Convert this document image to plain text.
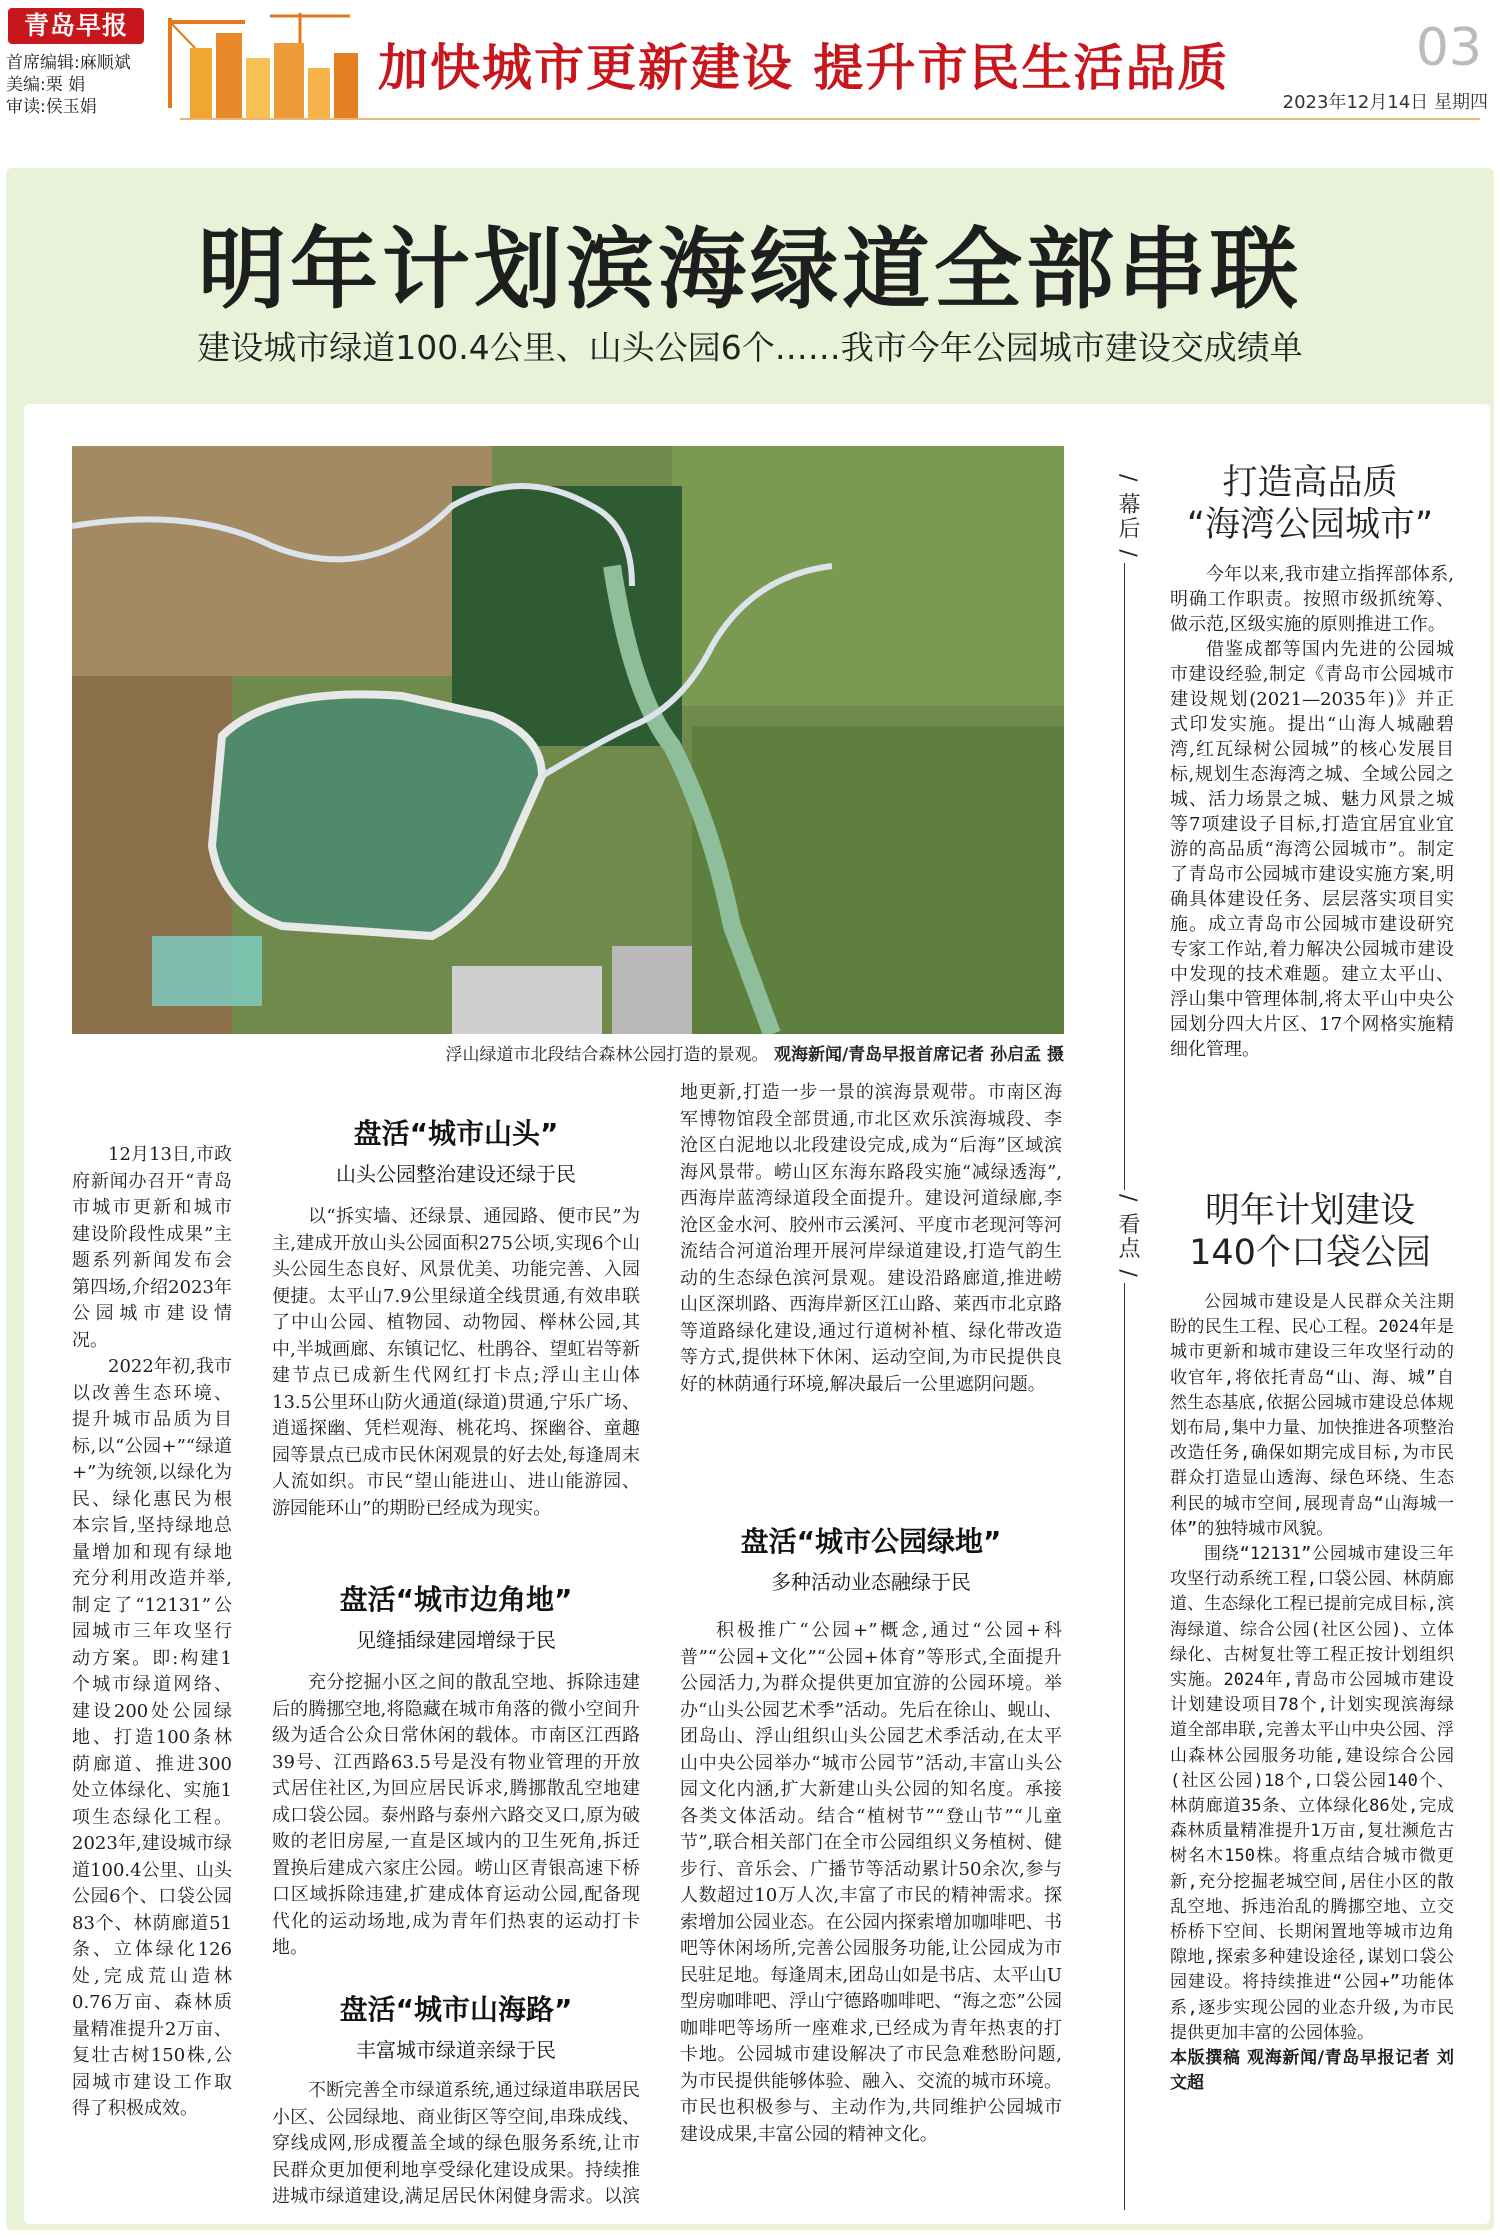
青岛早报
首席编辑:麻顺斌
美编:栗 娟
审读:侯玉娟
加快城市更新建设 提升市民生活品质	03
2023年12月14日 星期四
明年计划滨海绿道全部串联
建设城市绿道100.4公里、山头公园6个……我市今年公园城市建设交成绩单
浮山绿道市北段结合森林公园打造的景观。 观海新闻/青岛早报首席记者 孙启孟 摄

12月13日,市政府新闻办召开“青岛市城市更新和城市建设阶段性成果”主题系列新闻发布会第四场,介绍2023年公园城市建设情况。

2022年初,我市以改善生态环境、提升城市品质为目标,以“公园+”“绿道+”为统领,以绿化为民、绿化惠民为根本宗旨,坚持绿地总量增加和现有绿地充分利用改造并举,制定了“12131”公园城市三年攻坚行动方案。即:构建1个城市绿道网络、建设200处公园绿地、打造100条林荫廊道、推进300处立体绿化、实施1项生态绿化工程。2023年,建设城市绿道100.4公里、山头公园6个、口袋公园83个、林荫廊道51条、立体绿化126处,完成荒山造林0.76万亩、森林质量精准提升2万亩、复壮古树150株,公园城市建设工作取得了积极成效。

盘活“城市山头”
山头公园整治建设还绿于民

以“拆实墙、还绿景、通园路、便市民”为主,建成开放山头公园面积275公顷,实现6个山头公园生态良好、风景优美、功能完善、入园便捷。太平山7.9公里绿道全线贯通,有效串联了中山公园、植物园、动物园、榉林公园,其中,半城画廊、东镇记忆、杜鹃谷、望虹岩等新建节点已成新生代网红打卡点;浮山主山体13.5公里环山防火通道(绿道)贯通,宁乐广场、逍遥探幽、凭栏观海、桃花坞、探幽谷、童趣园等景点已成市民休闲观景的好去处,每逢周末人流如织。市民“望山能进山、进山能游园、游园能环山”的期盼已经成为现实。

盘活“城市边角地”
见缝插绿建园增绿于民

充分挖掘小区之间的散乱空地、拆除违建后的腾挪空地,将隐藏在城市角落的微小空间升级为适合公众日常休闲的载体。市南区江西路39号、江西路63.5号是没有物业管理的开放式居住社区,为回应居民诉求,腾挪散乱空地建成口袋公园。泰州路与泰州六路交叉口,原为破败的老旧房屋,一直是区域内的卫生死角,拆迁置换后建成六家庄公园。崂山区青银高速下桥口区域拆除违建,扩建成体育运动公园,配备现代化的运动场地,成为青年们热衷的运动打卡地。

盘活“城市山海路”
丰富城市绿道亲绿于民

不断完善全市绿道系统,通过绿道串联居民小区、公园绿地、商业街区等空间,串珠成线、穿线成网,形成覆盖全域的绿色服务系统,让市民群众更加便利地享受绿化建设成果。持续推进城市绿道建设,满足居民休闲健身需求。以滨

地更新,打造一步一景的滨海景观带。市南区海军博物馆段全部贯通,市北区欢乐滨海城段、李沧区白泥地以北段建设完成,成为“后海”区域滨海风景带。崂山区东海东路段实施“减绿透海”,西海岸蓝湾绿道段全面提升。建设河道绿廊,李沧区金水河、胶州市云溪河、平度市老现河等河流结合河道治理开展河岸绿道建设,打造气韵生动的生态绿色滨河景观。建设沿路廊道,推进崂山区深圳路、西海岸新区江山路、莱西市北京路等道路绿化建设,通过行道树补植、绿化带改造等方式,提供林下休闲、运动空间,为市民提供良好的林荫通行环境,解决最后一公里遮阴问题。

盘活“城市公园绿地”
多种活动业态融绿于民

积极推广“公园+”概念,通过“公园+科普”“公园+文化”“公园+体育”等形式,全面提升公园活力,为群众提供更加宜游的公园环境。举办“山头公园艺术季”活动。先后在徐山、蚬山、团岛山、浮山组织山头公园艺术季活动,在太平山中央公园举办“城市公园节”活动,丰富山头公园文化内涵,扩大新建山头公园的知名度。承接各类文体活动。结合“植树节”“登山节”“儿童节”,联合相关部门在全市公园组织义务植树、健步行、音乐会、广播节等活动累计50余次,参与人数超过10万人次,丰富了市民的精神需求。探索增加公园业态。在公园内探索增加咖啡吧、书吧等休闲场所,完善公园服务功能,让公园成为市民驻足地。每逢周末,团岛山如是书店、太平山U型房咖啡吧、浮山宁德路咖啡吧、“海之恋”公园咖啡吧等场所一座难求,已经成为青年热衷的打卡地。公园城市建设解决了市民急难愁盼问题,为市民提供能够体验、融入、交流的城市环境。市民也积极参与、主动作为,共同维护公园城市建设成果,丰富公园的精神文化。

/ 幕后 /	打造高品质
“海湾公园城市”

今年以来,我市建立指挥部体系,明确工作职责。按照市级抓统筹、做示范,区级实施的原则推进工作。

借鉴成都等国内先进的公园城市建设经验,制定《青岛市公园城市建设规划(2021—2035年)》并正式印发实施。提出“山海人城融碧湾,红瓦绿树公园城”的核心发展目标,规划生态海湾之城、全域公园之城、活力场景之城、魅力风景之城等7项建设子目标,打造宜居宜业宜游的高品质“海湾公园城市”。制定了青岛市公园城市建设实施方案,明确具体建设任务、层层落实项目实施。成立青岛市公园城市建设研究专家工作站,着力解决公园城市建设中发现的技术难题。建立太平山、浮山集中管理体制,将太平山中央公园划分四大片区、17个网格实施精细化管理。

/ 看点 /	明年计划建设
140个口袋公园

公园城市建设是人民群众关注期盼的民生工程、民心工程。2024年是城市更新和城市建设三年攻坚行动的收官年,将依托青岛“山、海、城”自然生态基底,依据公园城市建设总体规划布局,集中力量、加快推进各项整治改造任务,确保如期完成目标,为市民群众打造显山透海、绿色环绕、生态利民的城市空间,展现青岛“山海城一体”的独特城市风貌。

围绕“12131”公园城市建设三年攻坚行动系统工程,口袋公园、林荫廊道、生态绿化工程已提前完成目标,滨海绿道、综合公园(社区公园)、立体绿化、古树复壮等工程正按计划组织实施。2024年,青岛市公园城市建设计划建设项目78个,计划实现滨海绿道全部串联,完善太平山中央公园、浮山森林公园服务功能,建设综合公园(社区公园)18个,口袋公园140个、林荫廊道35条、立体绿化86处,完成森林质量精准提升1万亩,复壮濒危古树名木150株。将重点结合城市微更新,充分挖掘老城空间,居住小区的散乱空地、拆违治乱的腾挪空地、立交桥桥下空间、长期闲置地等城市边角隙地,探索多种建设途径,谋划口袋公园建设。将持续推进“公园+”功能体系,逐步实现公园的业态升级,为市民提供更加丰富的公园体验。

本版撰稿 观海新闻/青岛早报记者 刘文超
